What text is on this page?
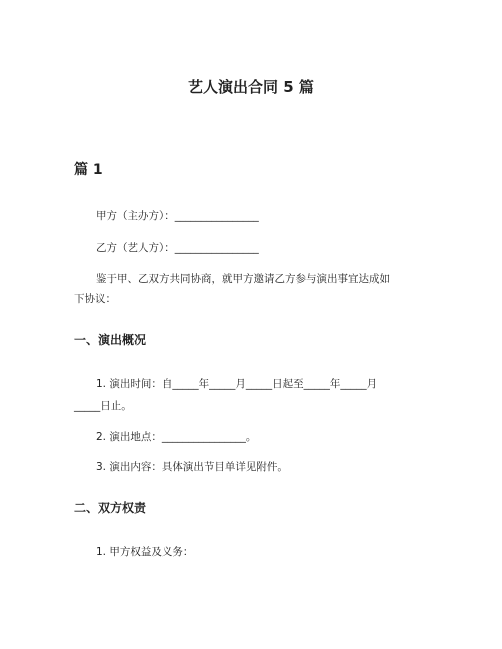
艺人演出合同 5 篇
篇 1
甲方（主办方）：________________
乙方（艺人方）：________________
鉴于甲、乙双方共同协商，就甲方邀请乙方参与演出事宜达成如
下协议：
一、演出概况
1. 演出时间：自_____年_____月_____日起至_____年_____月
_____日止。
2. 演出地点：________________。
3. 演出内容：具体演出节目单详见附件。
二、双方权责
1. 甲方权益及义务：
